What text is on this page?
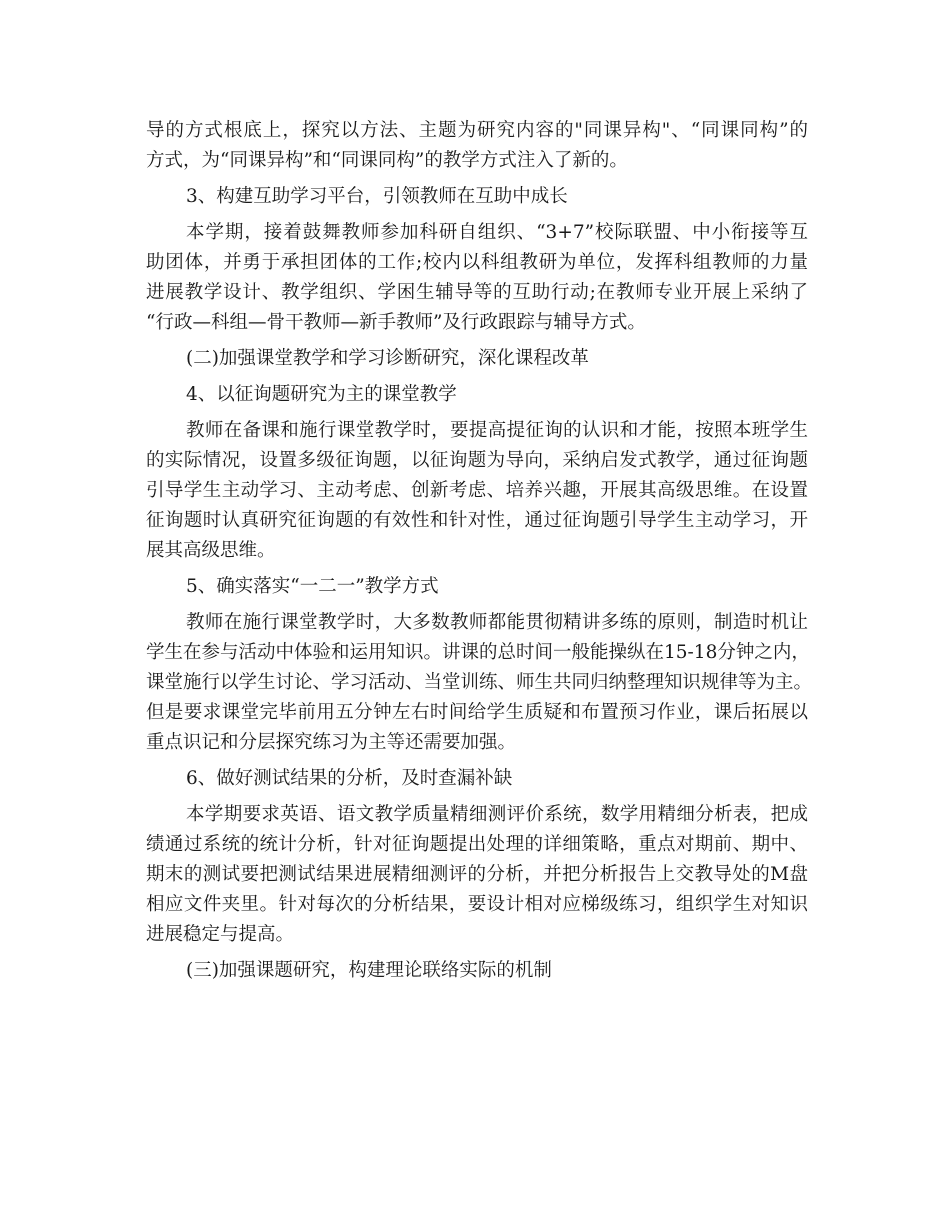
导的方式根底上，探究以方法、主题为研究内容的"同课异构"、“同课同构”的
方式，为“同课异构”和“同课同构”的教学方式注入了新的。
3、构建互助学习平台，引领教师在互助中成长
本学期，接着鼓舞教师参加科研自组织、“3+7”校际联盟、中小衔接等互
助团体，并勇于承担团体的工作;校内以科组教研为单位，发挥科组教师的力量
进展教学设计、教学组织、学困生辅导等的互助行动;在教师专业开展上采纳了
“行政—科组—骨干教师—新手教师”及行政跟踪与辅导方式。
(二)加强课堂教学和学习诊断研究，深化课程改革
4、以征询题研究为主的课堂教学
教师在备课和施行课堂教学时，要提高提征询的认识和才能，按照本班学生
的实际情况，设置多级征询题，以征询题为导向，采纳启发式教学，通过征询题
引导学生主动学习、主动考虑、创新考虑、培养兴趣，开展其高级思维。在设置
征询题时认真研究征询题的有效性和针对性，通过征询题引导学生主动学习，开
展其高级思维。
5、确实落实“一二一”教学方式
教师在施行课堂教学时，大多数教师都能贯彻精讲多练的原则，制造时机让
学生在参与活动中体验和运用知识。讲课的总时间一般能操纵在15-18分钟之内，
课堂施行以学生讨论、学习活动、当堂训练、师生共同归纳整理知识规律等为主。
但是要求课堂完毕前用五分钟左右时间给学生质疑和布置预习作业，课后拓展以
重点识记和分层探究练习为主等还需要加强。
6、做好测试结果的分析，及时查漏补缺
本学期要求英语、语文教学质量精细测评价系统，数学用精细分析表，把成
绩通过系统的统计分析，针对征询题提出处理的详细策略，重点对期前、期中、
期末的测试要把测试结果进展精细测评的分析，并把分析报告上交教导处的M盘
相应文件夹里。针对每次的分析结果，要设计相对应梯级练习，组织学生对知识
进展稳定与提高。
(三)加强课题研究，构建理论联络实际的机制
